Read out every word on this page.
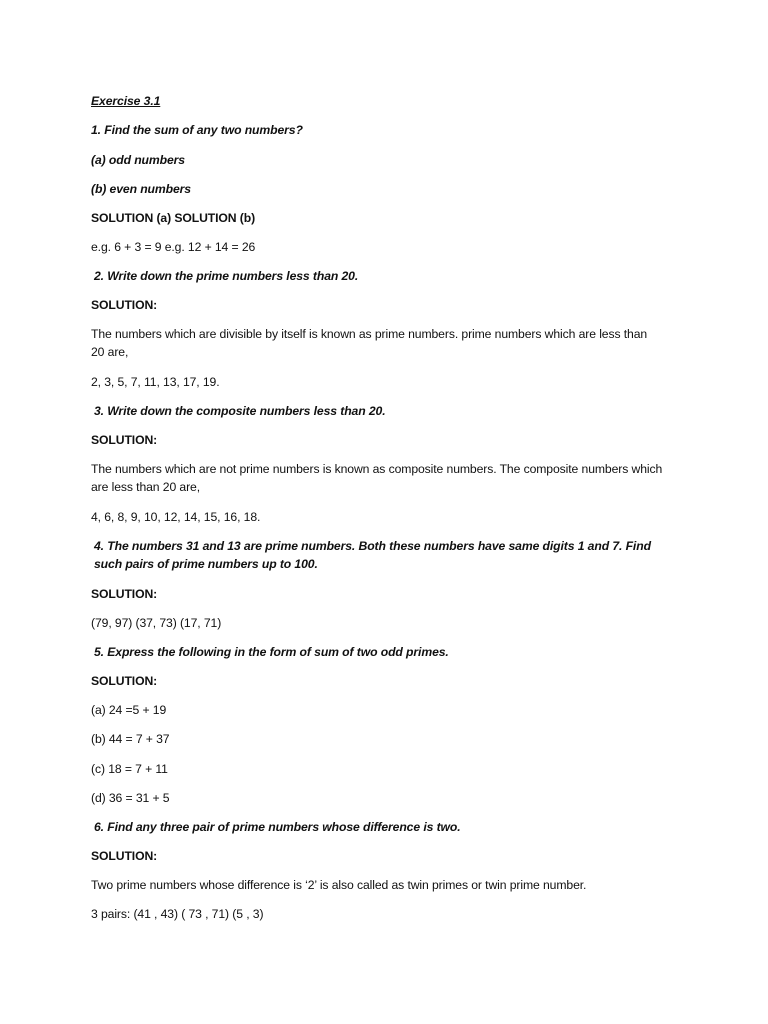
Exercise 3.1
1. Find the sum of any two numbers?
(a) odd numbers
(b) even numbers
SOLUTION (a) SOLUTION (b)
e.g. 6 + 3 = 9 e.g. 12 + 14 = 26
2. Write down the prime numbers less than 20.
SOLUTION:
The numbers which are divisible by itself is known as prime numbers. prime numbers which are less than 20 are,
2, 3, 5, 7, 11, 13, 17, 19.
3. Write down the composite numbers less than 20.
SOLUTION:
The numbers which are not prime numbers is known as composite numbers. The composite numbers which are less than 20 are,
4, 6, 8, 9, 10, 12, 14, 15, 16, 18.
4. The numbers 31 and 13 are prime numbers. Both these numbers have same digits 1 and 7. Find such pairs of prime numbers up to 100.
SOLUTION:
(79, 97) (37, 73) (17, 71)
5. Express the following in the form of sum of two odd primes.
SOLUTION:
(a) 24 =5 + 19
(b) 44 = 7 + 37
(c) 18 = 7 + 11
(d) 36 = 31 + 5
6. Find any three pair of prime numbers whose difference is two.
SOLUTION:
Two prime numbers whose difference is ‘2’ is also called as twin primes or twin prime number.
3 pairs: (41 , 43) ( 73 , 71) (5 , 3)
